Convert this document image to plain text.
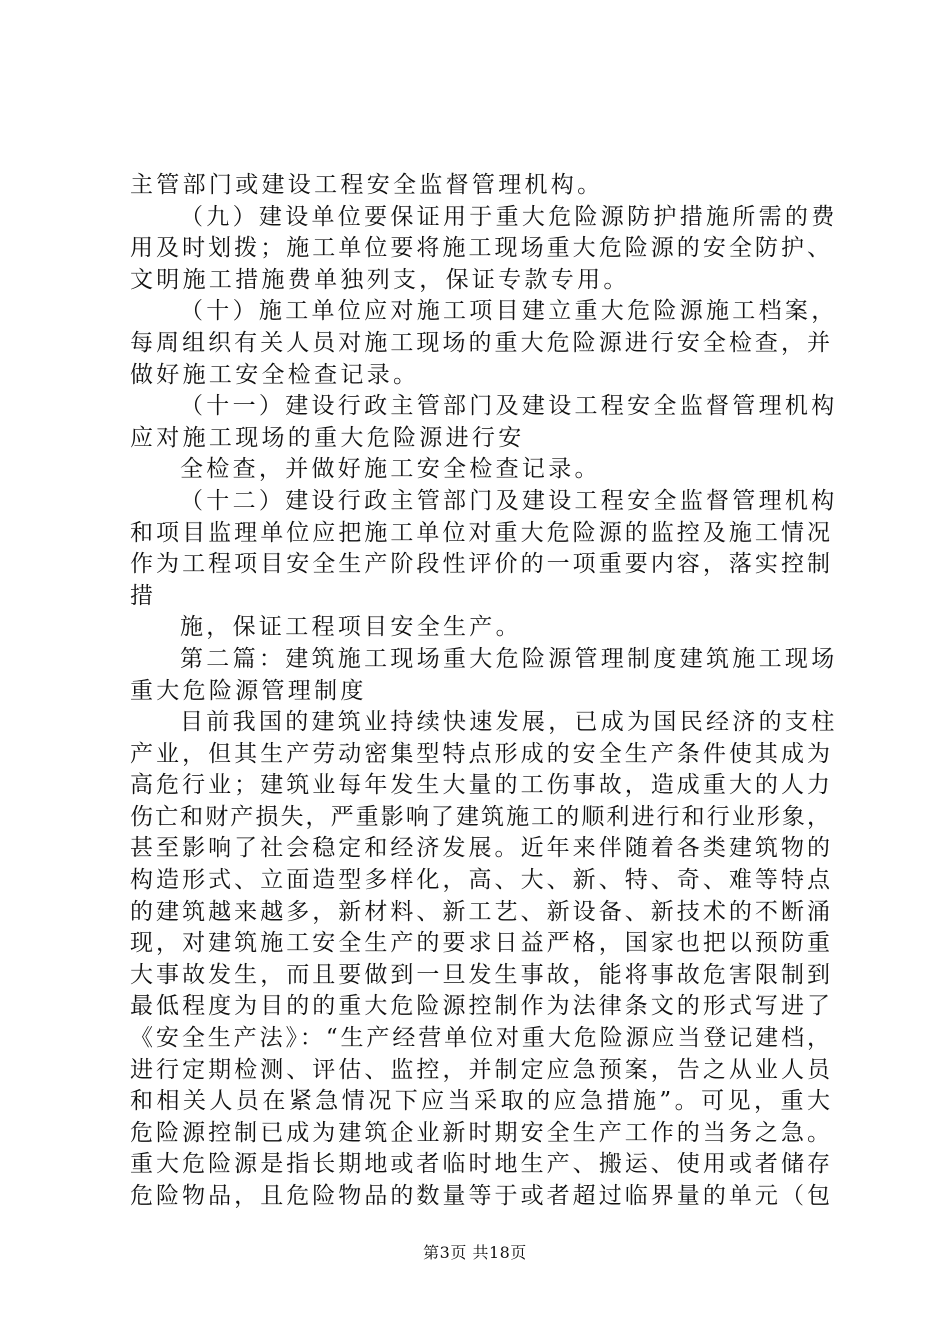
主管部门或建设工程安全监督管理机构。
（九）建设单位要保证用于重大危险源防护措施所需的费
用及时划拨；施工单位要将施工现场重大危险源的安全防护、
文明施工措施费单独列支，保证专款专用。
（十）施工单位应对施工项目建立重大危险源施工档案，
每周组织有关人员对施工现场的重大危险源进行安全检查，并
做好施工安全检查记录。
（十一）建设行政主管部门及建设工程安全监督管理机构
应对施工现场的重大危险源进行安
全检查，并做好施工安全检查记录。
（十二）建设行政主管部门及建设工程安全监督管理机构
和项目监理单位应把施工单位对重大危险源的监控及施工情况
作为工程项目安全生产阶段性评价的一项重要内容，落实控制
措
施，保证工程项目安全生产。
第二篇：建筑施工现场重大危险源管理制度建筑施工现场
重大危险源管理制度
目前我国的建筑业持续快速发展，已成为国民经济的支柱
产业，但其生产劳动密集型特点形成的安全生产条件使其成为
高危行业；建筑业每年发生大量的工伤事故，造成重大的人力
伤亡和财产损失，严重影响了建筑施工的顺利进行和行业形象，
甚至影响了社会稳定和经济发展。近年来伴随着各类建筑物的
构造形式、立面造型多样化，高、大、新、特、奇、难等特点
的建筑越来越多，新材料、新工艺、新设备、新技术的不断涌
现，对建筑施工安全生产的要求日益严格，国家也把以预防重
大事故发生，而且要做到一旦发生事故，能将事故危害限制到
最低程度为目的的重大危险源控制作为法律条文的形式写进了
《安全生产法》：“生产经营单位对重大危险源应当登记建档，
进行定期检测、评估、监控，并制定应急预案，告之从业人员
和相关人员在紧急情况下应当采取的应急措施”。可见，重大
危险源控制已成为建筑企业新时期安全生产工作的当务之急。
重大危险源是指长期地或者临时地生产、搬运、使用或者储存
危险物品，且危险物品的数量等于或者超过临界量的单元（包
第3页 共18页
